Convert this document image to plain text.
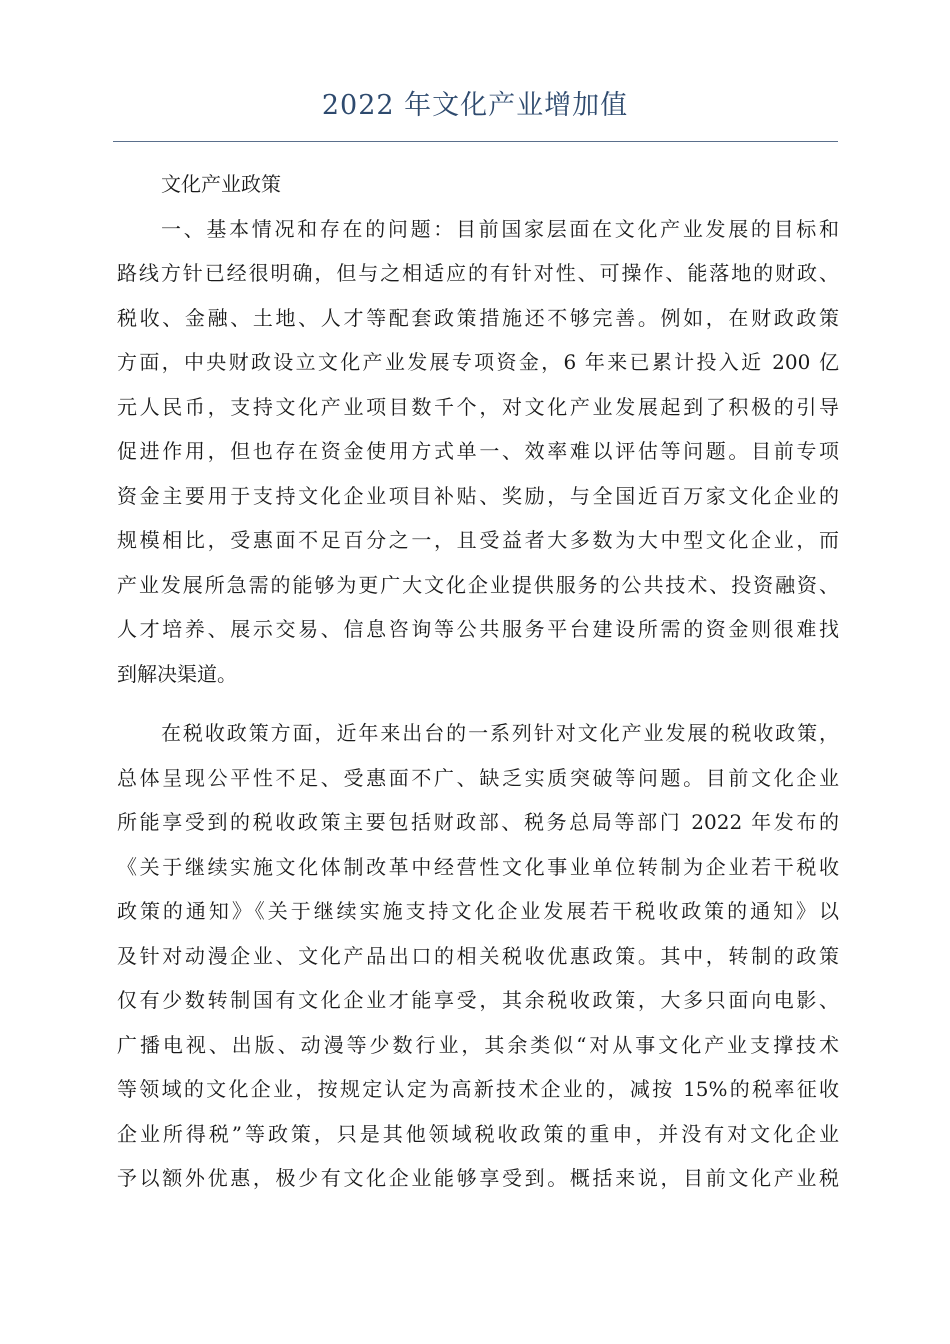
2022 年文化产业增加值
文化产业政策
一、基本情况和存在的问题：目前国家层面在文化产业发展的目标和
路线方针已经很明确，但与之相适应的有针对性、可操作、能落地的财政、
税收、金融、土地、人才等配套政策措施还不够完善。例如，在财政政策
方面，中央财政设立文化产业发展专项资金，6 年来已累计投入近 200 亿
元人民币，支持文化产业项目数千个，对文化产业发展起到了积极的引导
促进作用，但也存在资金使用方式单一、效率难以评估等问题。目前专项
资金主要用于支持文化企业项目补贴、奖励，与全国近百万家文化企业的
规模相比，受惠面不足百分之一，且受益者大多数为大中型文化企业，而
产业发展所急需的能够为更广大文化企业提供服务的公共技术、投资融资、
人才培养、展示交易、信息咨询等公共服务平台建设所需的资金则很难找
到解决渠道。
在税收政策方面，近年来出台的一系列针对文化产业发展的税收政策，
总体呈现公平性不足、受惠面不广、缺乏实质突破等问题。目前文化企业
所能享受到的税收政策主要包括财政部、税务总局等部门 2022 年发布的
《关于继续实施文化体制改革中经营性文化事业单位转制为企业若干税收
政策的通知》《关于继续实施支持文化企业发展若干税收政策的通知》以
及针对动漫企业、文化产品出口的相关税收优惠政策。其中，转制的政策
仅有少数转制国有文化企业才能享受，其余税收政策，大多只面向电影、
广播电视、出版、动漫等少数行业，其余类似“对从事文化产业支撑技术
等领域的文化企业，按规定认定为高新技术企业的，减按 15%的税率征收
企业所得税”等政策，只是其他领域税收政策的重申，并没有对文化企业
予以额外优惠，极少有文化企业能够享受到。概括来说，目前文化产业税
